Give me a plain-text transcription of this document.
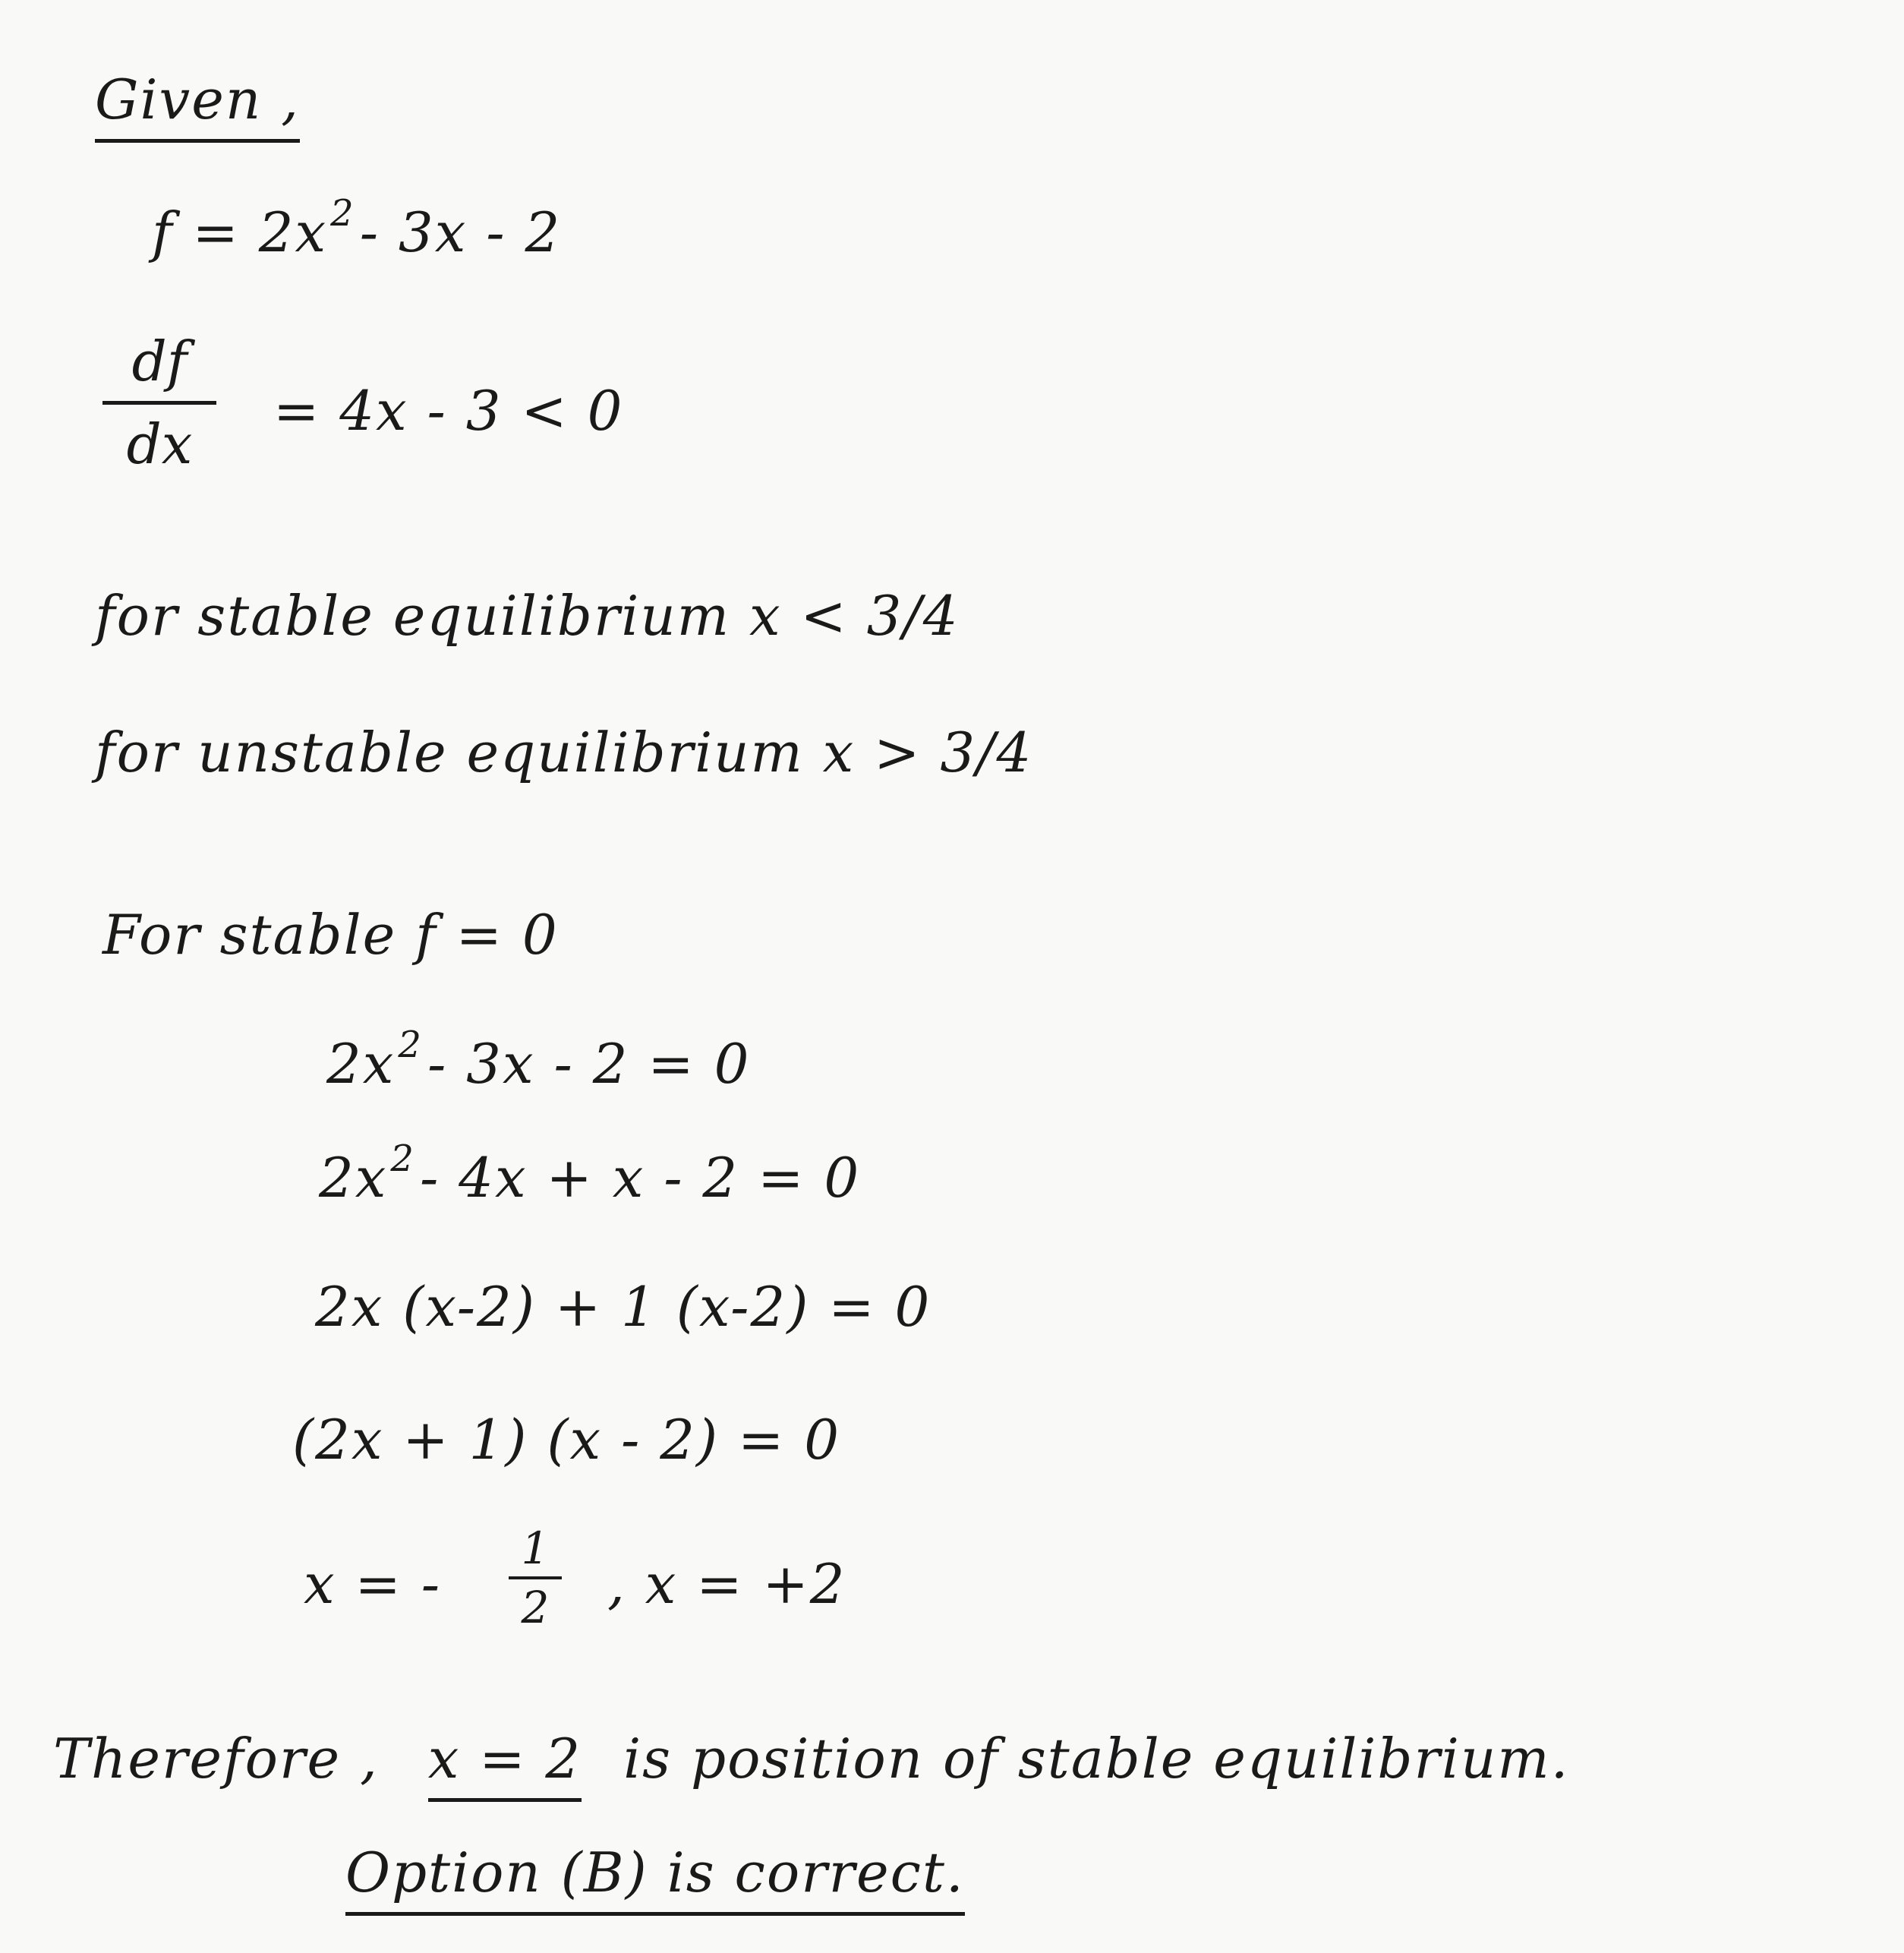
Given ,
$f = 2x^2-$ 3x - 2
df
dx
= 4x - 3 < 0
for stable equilibrium x < 3/4
for unstable equilibrium x > 3/4
For stable f = 0
$2x^2-$ 3x - 2 = 0
$2x^2-$ 4x + x - 2 = 0
2x (x-2) + 1 (x-2) = 0
(2x + 1) (x - 2) = 0
x = -
1
2 , x = +2
Therefore , x = 2 is position of stable equilibrium.
Option (B) is correct.
